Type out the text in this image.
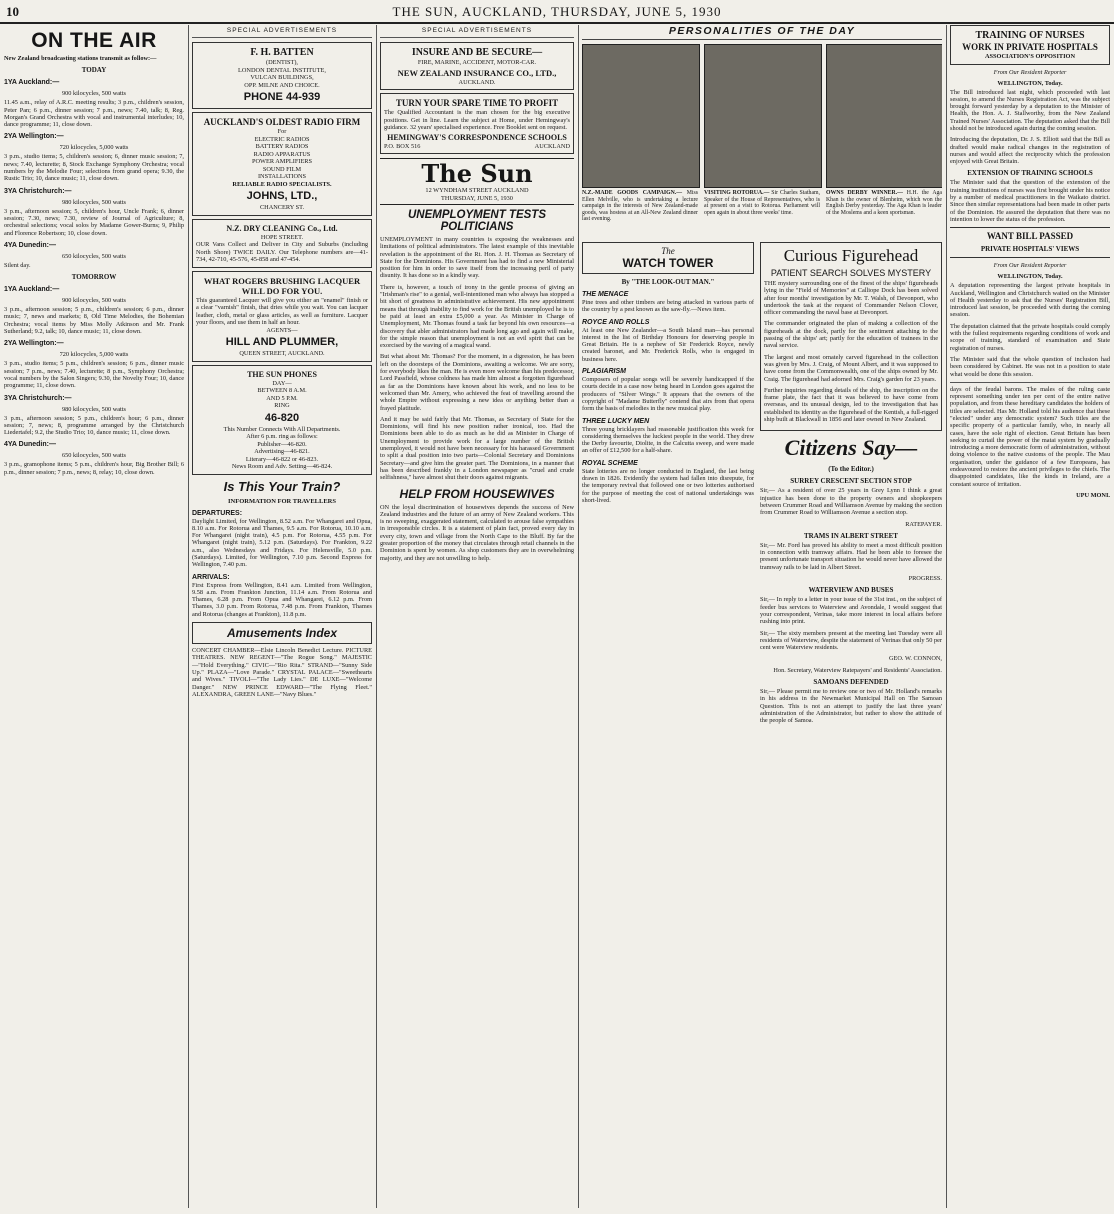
10	THE SUN, AUCKLAND, THURSDAY, JUNE 5, 1930
ON THE AIR

New Zealand broadcasting stations transmit as follow:—

TODAY
1YA Auckland:—
900 kilocycles, 500 watts

11.45 a.m., relay of A.R.C. meeting results; 3 p.m., children's session, Peter Pan; 6 p.m., dinner session; 7 p.m., news; 7.40, talk; 8, Reg. Morgan's Grand Orchestra with vocal and instrumental interludes; 10, dance programme; 11, close down.

2YA Wellington:—
720 kilocycles, 5,000 watts

3 p.m., studio items; 5, children's session; 6, dinner music session; 7, news; 7.40, lecturette; 8, Stock Exchange Symphony Orchestra; vocal numbers by the Melodie Four; selections from grand opera; 9.30, the Rustic Trio; 10, dance music; 11, close down.

3YA Christchurch:—
980 kilocycles, 500 watts

3 p.m., afternoon session; 5, children's hour, Uncle Frank; 6, dinner session; 7.30, news; 7.30, review of Journal of Agriculture; 8, orchestral selections; vocal solos by Madame Gower-Burns; 9, Philip and Florence Robertson; 10, close down.

4YA Dunedin:—
650 kilocycles, 500 watts

Silent day.

TOMORROW
1YA Auckland:—
900 kilocycles, 500 watts

3 p.m., afternoon session; 5 p.m., children's session; 6 p.m., dinner music; 7, news and markets; 8, Old Time Melodies, the Bohemian Orchestra; vocal items by Miss Molly Atkinson and Mr. Frank Sutherland; 9.2, talk; 10, dance music; 11, close down.

2YA Wellington:—
720 kilocycles, 5,000 watts

3 p.m., studio items; 5 p.m., children's session; 6 p.m., dinner music session; 7 p.m., news; 7.40, lecturette; 8 p.m., Symphony Orchestra; vocal numbers by the Salon Singers; 9.30, the Novelty Four; 10, dance programme; 11, close down.

3YA Christchurch:—
980 kilocycles, 500 watts

3 p.m., afternoon session; 5 p.m., children's hour; 6 p.m., dinner session; 7, news; 8, programme arranged by the Christchurch Liedertafel; 9.2, the Studio Trio; 10, dance music; 11, close down.

4YA Dunedin:—
650 kilocycles, 500 watts

3 p.m., gramophone items; 5 p.m., children's hour, Big Brother Bill; 6 p.m., dinner session; 7 p.m., news; 8, relay; 10, close down.

SPECIAL ADVERTISEMENTS
F. H. BATTEN
(DENTIST),
LONDON DENTAL INSTITUTE,
VULCAN BUILDINGS,
OPP. MILNE AND CHOICE.
PHONE 44-939
AUCKLAND'S OLDEST RADIO FIRM
For
ELECTRIC RADIOS
BATTERY RADIOS
RADIO APPARATUS
POWER AMPLIFIERS
SOUND FILM
INSTALLATIONS
RELIABLE RADIO SPECIALISTS.
JOHNS, LTD.,
CHANCERY ST.
N.Z. DRY CLEANING Co., Ltd.
HOPE STREET.
OUR Vans Collect and Deliver in City and Suburbs (including North Shore) TWICE DAILY. Our Telephone numbers are—41-734, 42-710, 45-576, 45-858 and 47-454.
WHAT ROGERS BRUSHING LACQUER WILL DO FOR YOU.
This guaranteed Lacquer will give you either an "enamel" finish or a clear "varnish" finish, that dries while you wait. You can lacquer leather, cloth, metal or glass articles, as well as furniture. Lacquer your floors, and use them in half an hour.
AGENTS—
HILL AND PLUMMER,
QUEEN STREET, AUCKLAND.
THE SUN PHONES
DAY—
BETWEEN 8 A.M.
AND 5 P.M.
RING
46-820
This Number Connects With All Departments.
After 6 p.m. ring as follows:
Publisher—46-820.
Advertising—46-821.
Literary—46-822 or 46-823.
News Room and Adv. Setting—46-824.
Is This Your Train?
INFORMATION FOR TRAVELLERS
DEPARTURES:

Daylight Limited, for Wellington, 8.52 a.m. For Whangarei and Opua, 8.10 a.m. For Rotorua and Thames, 9.5 a.m. For Rotorua, 10.10 a.m. For Whangarei (night train), 4.5 p.m. For Rotorua, 4.55 p.m. For Whangarei (night train), 5.12 p.m. (Saturdays). For Frankton, 9.22 a.m., also Wednesdays and Fridays. For Helensville, 5.0 p.m. (Saturdays). Limited, for Wellington, 7.10 p.m. Second Express for Wellington, 7.40 p.m.

ARRIVALS:

First Express from Wellington, 8.41 a.m. Limited from Wellington, 9.58 a.m. From Frankton Junction, 11.14 a.m. From Rotorua and Thames, 6.28 p.m. From Opua and Whangarei, 6.12 p.m. From Thames, 3.0 p.m. From Rotorua, 7.48 p.m. From Frankton, Thames and Rotorua (changes at Frankton), 11.8 p.m.

Amusements Index

CONCERT CHAMBER—Elsie Lincoln Benedict Lecture. PICTURE THEATRES. NEW REGENT—"The Rogue Song." MAJESTIC—"Hold Everything." CIVIC—"Rio Rita." STRAND—"Sunny Side Up." PLAZA—"Love Parade." CRYSTAL PALACE—"Sweethearts and Wives." TIVOLI—"The Lady Lies." DE LUXE—"Welcome Danger." NEW PRINCE EDWARD—"The Flying Fleet." ALEXANDRA, GREEN LANE—"Navy Blues."

SPECIAL ADVERTISEMENTS
INSURE AND BE SECURE—
FIRE, MARINE, ACCIDENT, MOTOR-CAR.
NEW ZEALAND INSURANCE CO., LTD.,
AUCKLAND.
TURN YOUR SPARE TIME TO PROFIT
The Qualified Accountant is the man chosen for the big executive positions. Get in line. Learn the subject at Home, under Hemingway's guidance. 32 years' specialised experience. Free Booklet sent on request.
HEMINGWAY'S CORRESPONDENCE SCHOOLS
P.O. BOX 516	AUCKLAND
The Sun
12 WYNDHAM STREET AUCKLAND
THURSDAY, JUNE 5, 1930
UNEMPLOYMENT TESTS POLITICIANS

UNEMPLOYMENT in many countries is exposing the weaknesses and limitations of political administrators. The latest example of this inevitable revelation is the appointment of the Rt. Hon. J. H. Thomas as Secretary of State for the Dominions. His Government has had to find a new Ministerial position for him in order to save itself from the increasing peril of party disunity. It has done so in a kindly way.

There is, however, a touch of irony in the gentle process of giving an "Irishman's rise" to a genial, well-intentioned man who always has stopped a bit short of greatness in administrative achievement. His new appointment means that through inability to find work for the British unemployed he is to be paid at least an extra £5,000 a year. As Minister in Charge of Unemployment, Mr. Thomas found a task far beyond his own resources—a discovery that abler administrators had made long ago and again will make, for the simple reason that unemployment is not an evil spirit that can be exorcised by the waving of a magical wand.

But what about Mr. Thomas? For the moment, in a digression, he has been left on the doorsteps of the Dominions, awaiting a welcome. We are sorry, for everybody likes the man. He is even more welcome than his predecessor, Lord Passfield, whose coldness has made him almost a forgotten figurehead as far as the Dominions have known about his work, and no less to be welcomed than Mr. Amery, who achieved the feat of travelling around the whole Empire without expressing a new idea or anything better than a frayed platitude.

And it may be said fairly that Mr. Thomas, as Secretary of State for the Dominions, will find his new position rather ironical, too. Had the Dominions been able to do as much as he did as Minister in Charge of Unemployment to provide work for a large number of the British unemployed, it would not have been necessary for his harassed Government to split a dual position into two parts—Colonial Secretary and Dominions Secretary—and give him the greater part. The Dominions, in a manner that has been described frankly in a London newspaper as "cruel and crude selfishness," have almost shut their doors against migrants.

HELP FROM HOUSEWIVES

ON the loyal discrimination of housewives depends the success of New Zealand industries and the future of an army of New Zealand workers. This is no sweeping, exaggerated statement, calculated to arouse false sympathies in irresponsible circles. It is a statement of plain fact, proved every day in every city, town and village from the North Cape to the Bluff. By far the greater proportion of the money that circulates through retail channels in the Dominion is spent by women. As shop customers they are in overwhelming majority, and they are not unwilling to help.

PERSONALITIES OF THE DAY
N.Z.-MADE GOODS CAMPAIGN.— Miss Ellen Melville, who is undertaking a lecture campaign in the interests of New Zealand-made goods, was hostess at an All-New Zealand dinner last evening.
VISITING ROTORUA.— Sir Charles Statham, Speaker of the House of Representatives, who is at present on a visit to Rotorua. Parliament will open again in about three weeks' time.
OWNS DERBY WINNER.— H.H. the Aga Khan is the owner of Blenheim, which won the English Derby yesterday. The Aga Khan is leader of the Moslems and a keen sportsman.
The
WATCH TOWER
By "THE LOOK-OUT MAN."
THE MENACE

Pine trees and other timbers are being attacked in various parts of the country by a pest known as the saw-fly.—News item.

ROYCE AND ROLLS

At least one New Zealander—a South Island man—has personal interest in the list of Birthday Honours for deserving people in Great Britain. He is a nephew of Sir Frederick Royce, newly created baronet, and Mr. Frederick Rolls, who is engaged in business here.

PLAGIARISM

Composers of popular songs will be severely handicapped if the courts decide in a case now being heard in London goes against the producers of "Silver Wings." It appears that the owners of the copyright of "Madame Butterfly" contend that airs from that opera form the basis of melodies in the new musical play.

THREE LUCKY MEN

Three young bricklayers had reasonable justification this week for considering themselves the luckiest people in the world. They drew the Derby favourite, Diolite, in the Calcutta sweep, and were made an offer of £12,500 for a half-share.

ROYAL SCHEME

State lotteries are no longer conducted in England, the last being drawn in 1826. Evidently the system had fallen into disrepute, for the temporary revival that followed one or two lotteries authorised for the purpose of meeting the cost of national undertakings was short-lived.

Curious Figurehead
PATIENT SEARCH SOLVES MYSTERY

THE mystery surrounding one of the finest of the ships' figureheads lying in the "Field of Memories" at Calliope Dock has been solved after four months' investigation by Mr. T. Walsh, of Devonport, who undertook the task at the request of Commander Nelson Clover, officer commanding the naval base at Devonport.

The commander originated the plan of making a collection of the figureheads at the dock, partly for the sentiment attaching to the passing of the ships' art; partly for the education of trainees in the naval service.

The largest and most ornately carved figurehead in the collection was given by Mrs. J. Craig, of Mount Albert, and it was supposed to have come from the Commonwealth, one of the ships owned by Mr. Craig. The figurehead had adorned Mrs. Craig's garden for 23 years.

Further inquiries regarding details of the ship, the inscription on the frame plate, the fact that it was believed to have come from overseas, and its unusual design, led to the investigation that has established its identity as the figurehead of the Kentish, a full-rigged ship built at Blackwall in 1856 and later owned in New Zealand.

Citizens Say—
(To the Editor.)
SURREY CRESCENT SECTION STOP

Sir,— As a resident of over 25 years in Grey Lynn I think a great injustice has been done to the property owners and shopkeepers between Crummer Road and Williamson Avenue by making the section from Crummer Road to Williamson Avenue a section stop.

RATEPAYER.

TRAMS IN ALBERT STREET

Sir,— Mr. Ford has proved his ability to meet a most difficult position in connection with tramway affairs. Had he been able to foresee the present unfortunate transport situation he would never have allowed the tramway rails to be laid in Albert Street.

PROGRESS.

WATERVIEW AND BUSES

Sir,— In reply to a letter in your issue of the 31st inst., on the subject of feeder bus services to Waterview and Avondale, I would suggest that your correspondent, Verinas, take more interest in local affairs before rushing into print.

Sir,— The sixty members present at the meeting last Tuesday were all residents of Waterview, despite the statement of Verinas that only 50 per cent were Waterview residents.

GEO. W. CONNON,

Hon. Secretary, Waterview Ratepayers' and Residents' Association.

SAMOANS DEFENDED

Sir,— Please permit me to review one or two of Mr. Holland's remarks in his address in the Newmarket Municipal Hall on The Samoan Question. This is not an attempt to justify the last three years' administration of the Administrator, but rather to show the attitude of the people of Samoa.

TRAINING OF NURSES
WORK IN PRIVATE HOSPITALS
ASSOCIATION'S OPPOSITION
From Our Resident Reporter
WELLINGTON, Today.

The Bill introduced last night, which proceeded with last session, to amend the Nurses Registration Act, was the subject brought forward yesterday by a deputation to the Minister of Health, the Hon. A. J. Stallworthy, from the New Zealand Trained Nurses' Association. The deputation asked that the Bill should not be introduced again during the coming session.

Introducing the deputation, Dr. J. S. Elliott said that the Bill as drafted would make radical changes in the registration of nurses and would affect the reciprocity which the profession enjoyed with Great Britain.

EXTENSION OF TRAINING SCHOOLS

The Minister said that the question of the extension of the training institutions of nurses was first brought under his notice by a number of medical practitioners in the Waikato district. Since then similar representations had been made in other parts of the Dominion. He assured the deputation that there was no intention to lower the status of the profession.

WANT BILL PASSED
PRIVATE HOSPITALS' VIEWS
From Our Resident Reporter
WELLINGTON, Today.

A deputation representing the largest private hospitals in Auckland, Wellington and Christchurch waited on the Minister of Health yesterday to ask that the Nurses' Registration Bill, introduced last session, be proceeded with during the coming session.

The deputation claimed that the private hospitals could comply with the fullest requirements regarding conditions of work and scope of training, standard of examination and State registration of nurses.

The Minister said that the whole question of inclusion had been considered by Cabinet. He was not in a position to state what would be done this session.

days of the feudal barons. The males of the ruling caste represent something under ten per cent of the entire native population, and from these hereditary candidates the holders of titles are selected. Has Mr. Holland told his audience that these "elected" under any democratic system? Such titles are the specific property of a particular family, who, in nearly all cases, have the sole right of election. Great Britain has been seeking to curtail the power of the matai system by gradually introducing a more democratic form of administration, without doing violence to the native customs of the people. The Mau organisation, under the guidance of a few Europeans, has endeavoured to restore the ancient privileges to the chiefs. The disappointed candidates, like the kinds in Ireland, are a constant source of irritation.

UPU MONI.
